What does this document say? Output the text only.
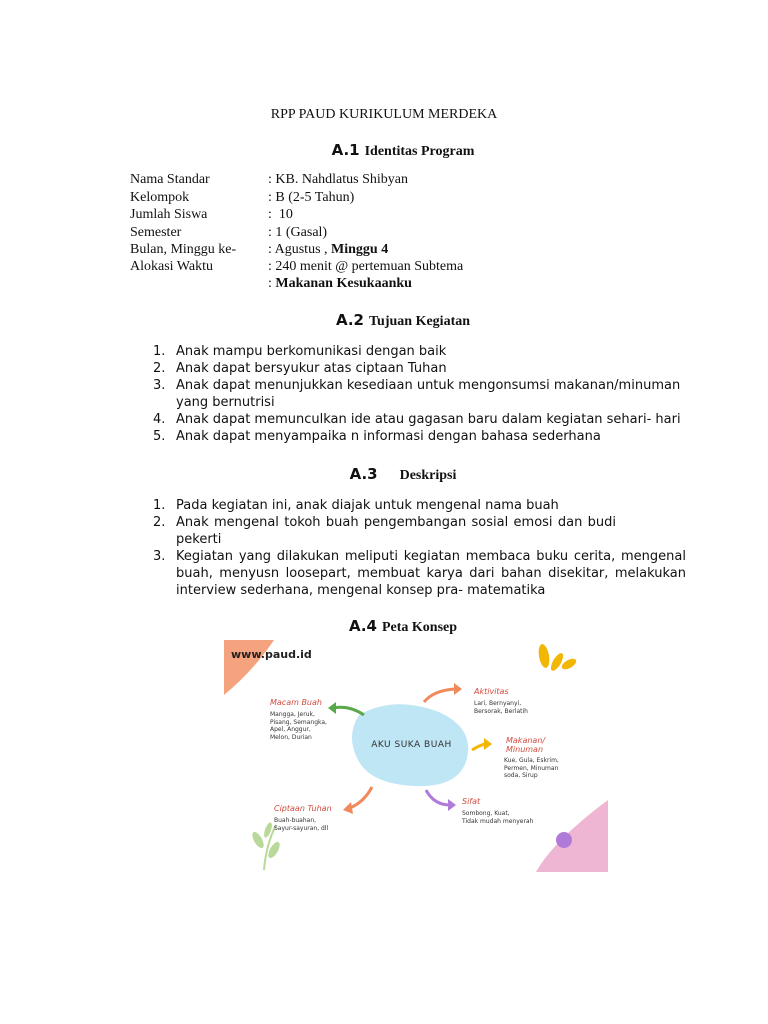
RPP PAUD KURIKULUM MERDEKA
A.1 Identitas Program
Nama Standar	: KB. Nahdlatus Shibyan
Kelompok	: B (2-5 Tahun)
Jumlah Siswa	:  10
Semester	: 1 (Gasal)
Bulan, Minggu ke- : Agustus , Minggu 4
Alokasi Waktu	: 240 menit @ pertemuan Subtema
: Makanan Kesukaanku
A.2 Tujuan Kegiatan
1. Anak mampu berkomunikasi dengan baik
2. Anak dapat bersyukur atas ciptaan Tuhan
3. Anak dapat menunjukkan kesediaan untuk mengonsumsi makanan/minuman yang bernutrisi
4. Anak dapat memunculkan ide atau gagasan baru dalam kegiatan sehari- hari
5. Anak dapat menyampaika n informasi dengan bahasa sederhana
A.3 Deskripsi
1. Pada kegiatan ini, anak diajak untuk mengenal nama buah
2. Anak mengenal tokoh buah pengembangan sosial emosi dan budi pekerti
3. Kegiatan yang dilakukan meliputi kegiatan membaca buku cerita, mengenal buah, menyusn loosepart, membuat karya dari bahan disekitar, melakukan interview sederhana, mengenal konsep pra- matematika
A.4 Peta Konsep
www.paud.id
AKU SUKA BUAH
Macam Buah
Mangga, Jeruk,
Pisang, Semangka,
Apel, Anggur,
Melon, Durian
Aktivitas
Lari, Bernyanyi,
Bersorak, Berlatih
Makanan/
Minuman
Kue, Gula, Eskrim,
Permen, Minuman
soda, Sirup
Ciptaan Tuhan
Buah-buahan,
Sayur-sayuran, dll
Sifat
Sombong, Kuat,
Tidak mudah menyerah
